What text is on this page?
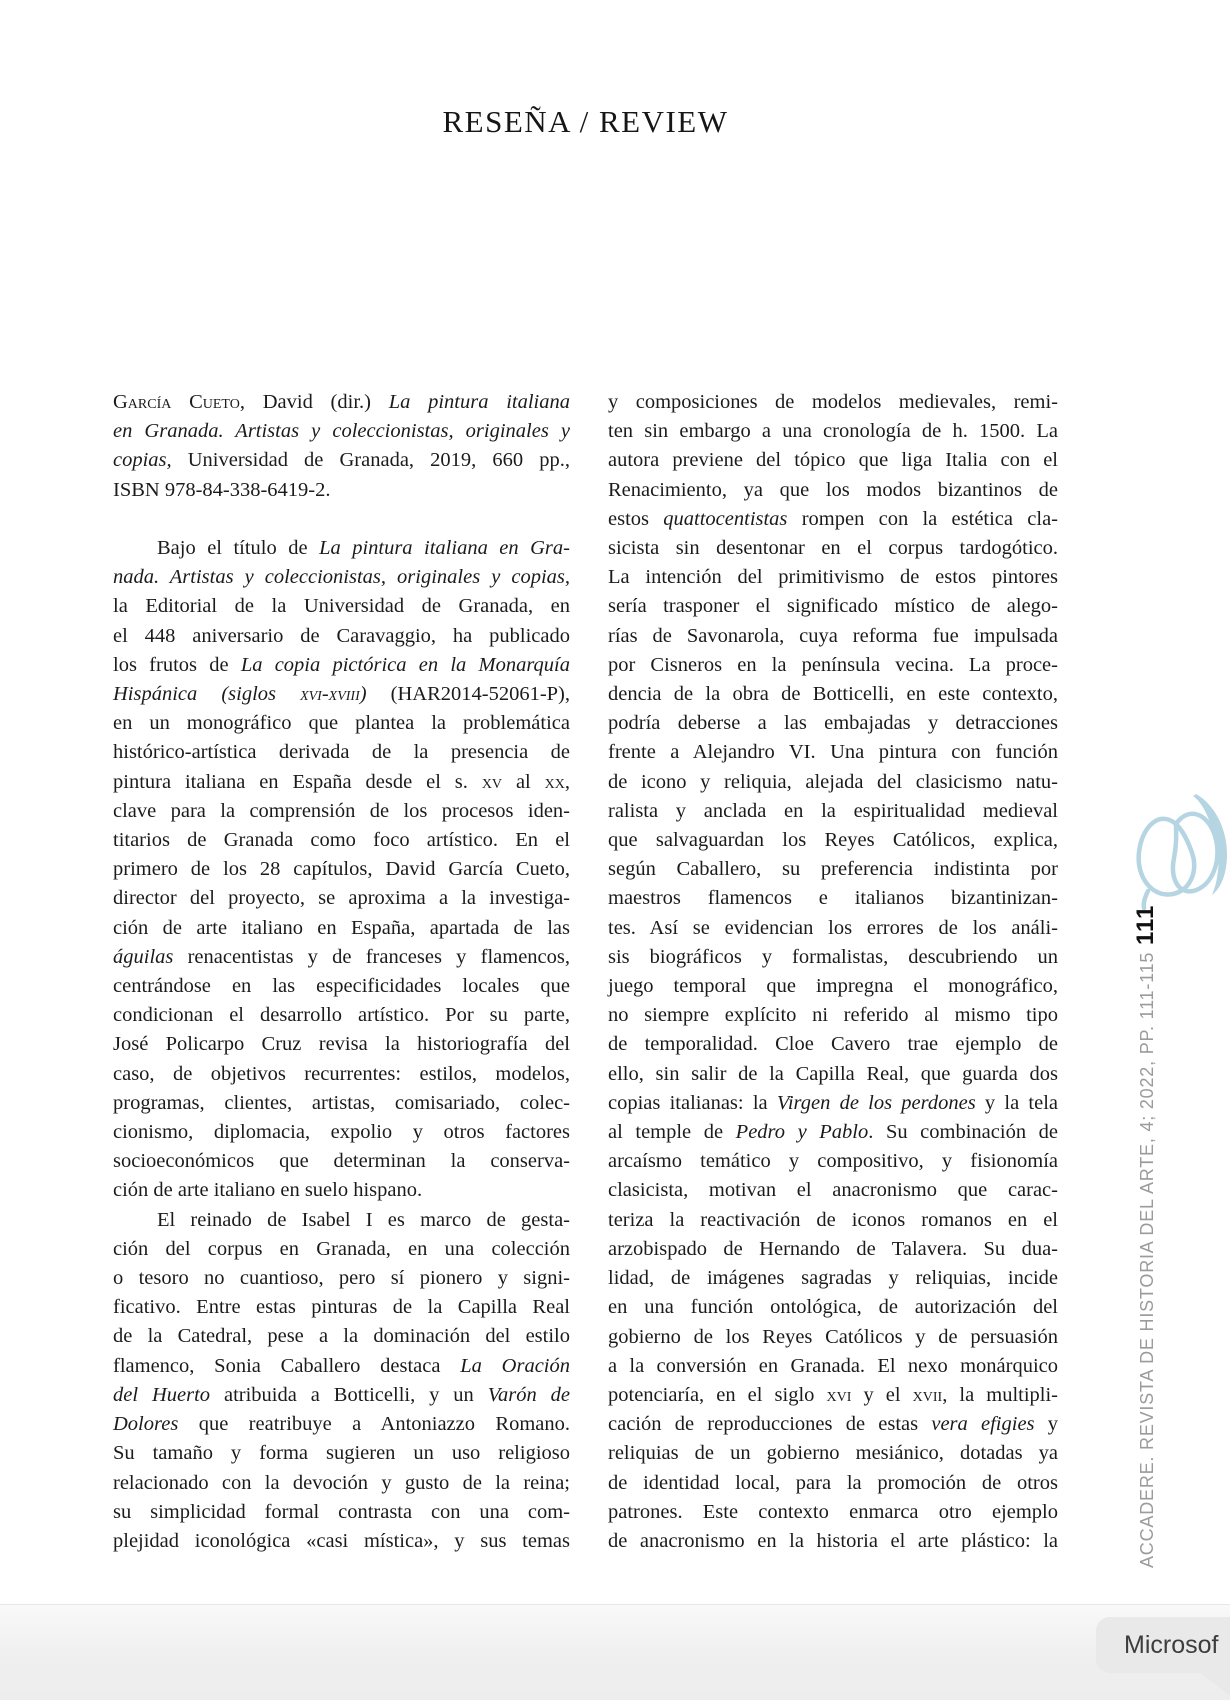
RESEÑA / REVIEW
García Cueto, David (dir.) La pintura italiana
en Granada. Artistas y coleccionistas, originales y
copias, Universidad de Granada, 2019, 660 pp.,
ISBN 978-84-338-6419-2.
Bajo el título de La pintura italiana en Gra-
nada. Artistas y coleccionistas, originales y copias,
la Editorial de la Universidad de Granada, en
el 448 aniversario de Caravaggio, ha publicado
los frutos de La copia pictórica en la Monarquía
Hispánica (siglos xvi-xviii) (HAR2014-52061-P),
en un monográfico que plantea la problemática
histórico-artística derivada de la presencia de
pintura italiana en España desde el s. xv al xx,
clave para la comprensión de los procesos iden-
titarios de Granada como foco artístico. En el
primero de los 28 capítulos, David García Cueto,
director del proyecto, se aproxima a la investiga-
ción de arte italiano en España, apartada de las
águilas renacentistas y de franceses y flamencos,
centrándose en las especificidades locales que
condicionan el desarrollo artístico. Por su parte,
José Policarpo Cruz revisa la historiografía del
caso, de objetivos recurrentes: estilos, modelos,
programas, clientes, artistas, comisariado, colec-
cionismo, diplomacia, expolio y otros factores
socioeconómicos que determinan la conserva-
ción de arte italiano en suelo hispano.
El reinado de Isabel I es marco de gesta-
ción del corpus en Granada, en una colección
o tesoro no cuantioso, pero sí pionero y signi-
ficativo. Entre estas pinturas de la Capilla Real
de la Catedral, pese a la dominación del estilo
flamenco, Sonia Caballero destaca La Oración
del Huerto atribuida a Botticelli, y un Varón de
Dolores que reatribuye a Antoniazzo Romano.
Su tamaño y forma sugieren un uso religioso
relacionado con la devoción y gusto de la reina;
su simplicidad formal contrasta con una com-
plejidad iconológica «casi mística», y sus temas
y composiciones de modelos medievales, remi-
ten sin embargo a una cronología de h. 1500. La
autora previene del tópico que liga Italia con el
Renacimiento, ya que los modos bizantinos de
estos quattocentistas rompen con la estética cla-
sicista sin desentonar en el corpus tardogótico.
La intención del primitivismo de estos pintores
sería trasponer el significado místico de alego-
rías de Savonarola, cuya reforma fue impulsada
por Cisneros en la península vecina. La proce-
dencia de la obra de Botticelli, en este contexto,
podría deberse a las embajadas y detracciones
frente a Alejandro VI. Una pintura con función
de icono y reliquia, alejada del clasicismo natu-
ralista y anclada en la espiritualidad medieval
que salvaguardan los Reyes Católicos, explica,
según Caballero, su preferencia indistinta por
maestros flamencos e italianos bizantinizan-
tes. Así se evidencian los errores de los análi-
sis biográficos y formalistas, descubriendo un
juego temporal que impregna el monográfico,
no siempre explícito ni referido al mismo tipo
de temporalidad. Cloe Cavero trae ejemplo de
ello, sin salir de la Capilla Real, que guarda dos
copias italianas: la Virgen de los perdones y la tela
al temple de Pedro y Pablo. Su combinación de
arcaísmo temático y compositivo, y fisionomía
clasicista, motivan el anacronismo que carac-
teriza la reactivación de iconos romanos en el
arzobispado de Hernando de Talavera. Su dua-
lidad, de imágenes sagradas y reliquias, incide
en una función ontológica, de autorización del
gobierno de los Reyes Católicos y de persuasión
a la conversión en Granada. El nexo monárquico
potenciaría, en el siglo xvi y el xvii, la multipli-
cación de reproducciones de estas vera efigies y
reliquias de un gobierno mesiánico, dotadas ya
de identidad local, para la promoción de otros
patrones. Este contexto enmarca otro ejemplo
de anacronismo en la historia el arte plástico: la
111
ACCADERE. REVISTA DE HISTORIA DEL ARTE, 4; 2022, PP. 111-115
Microsof
